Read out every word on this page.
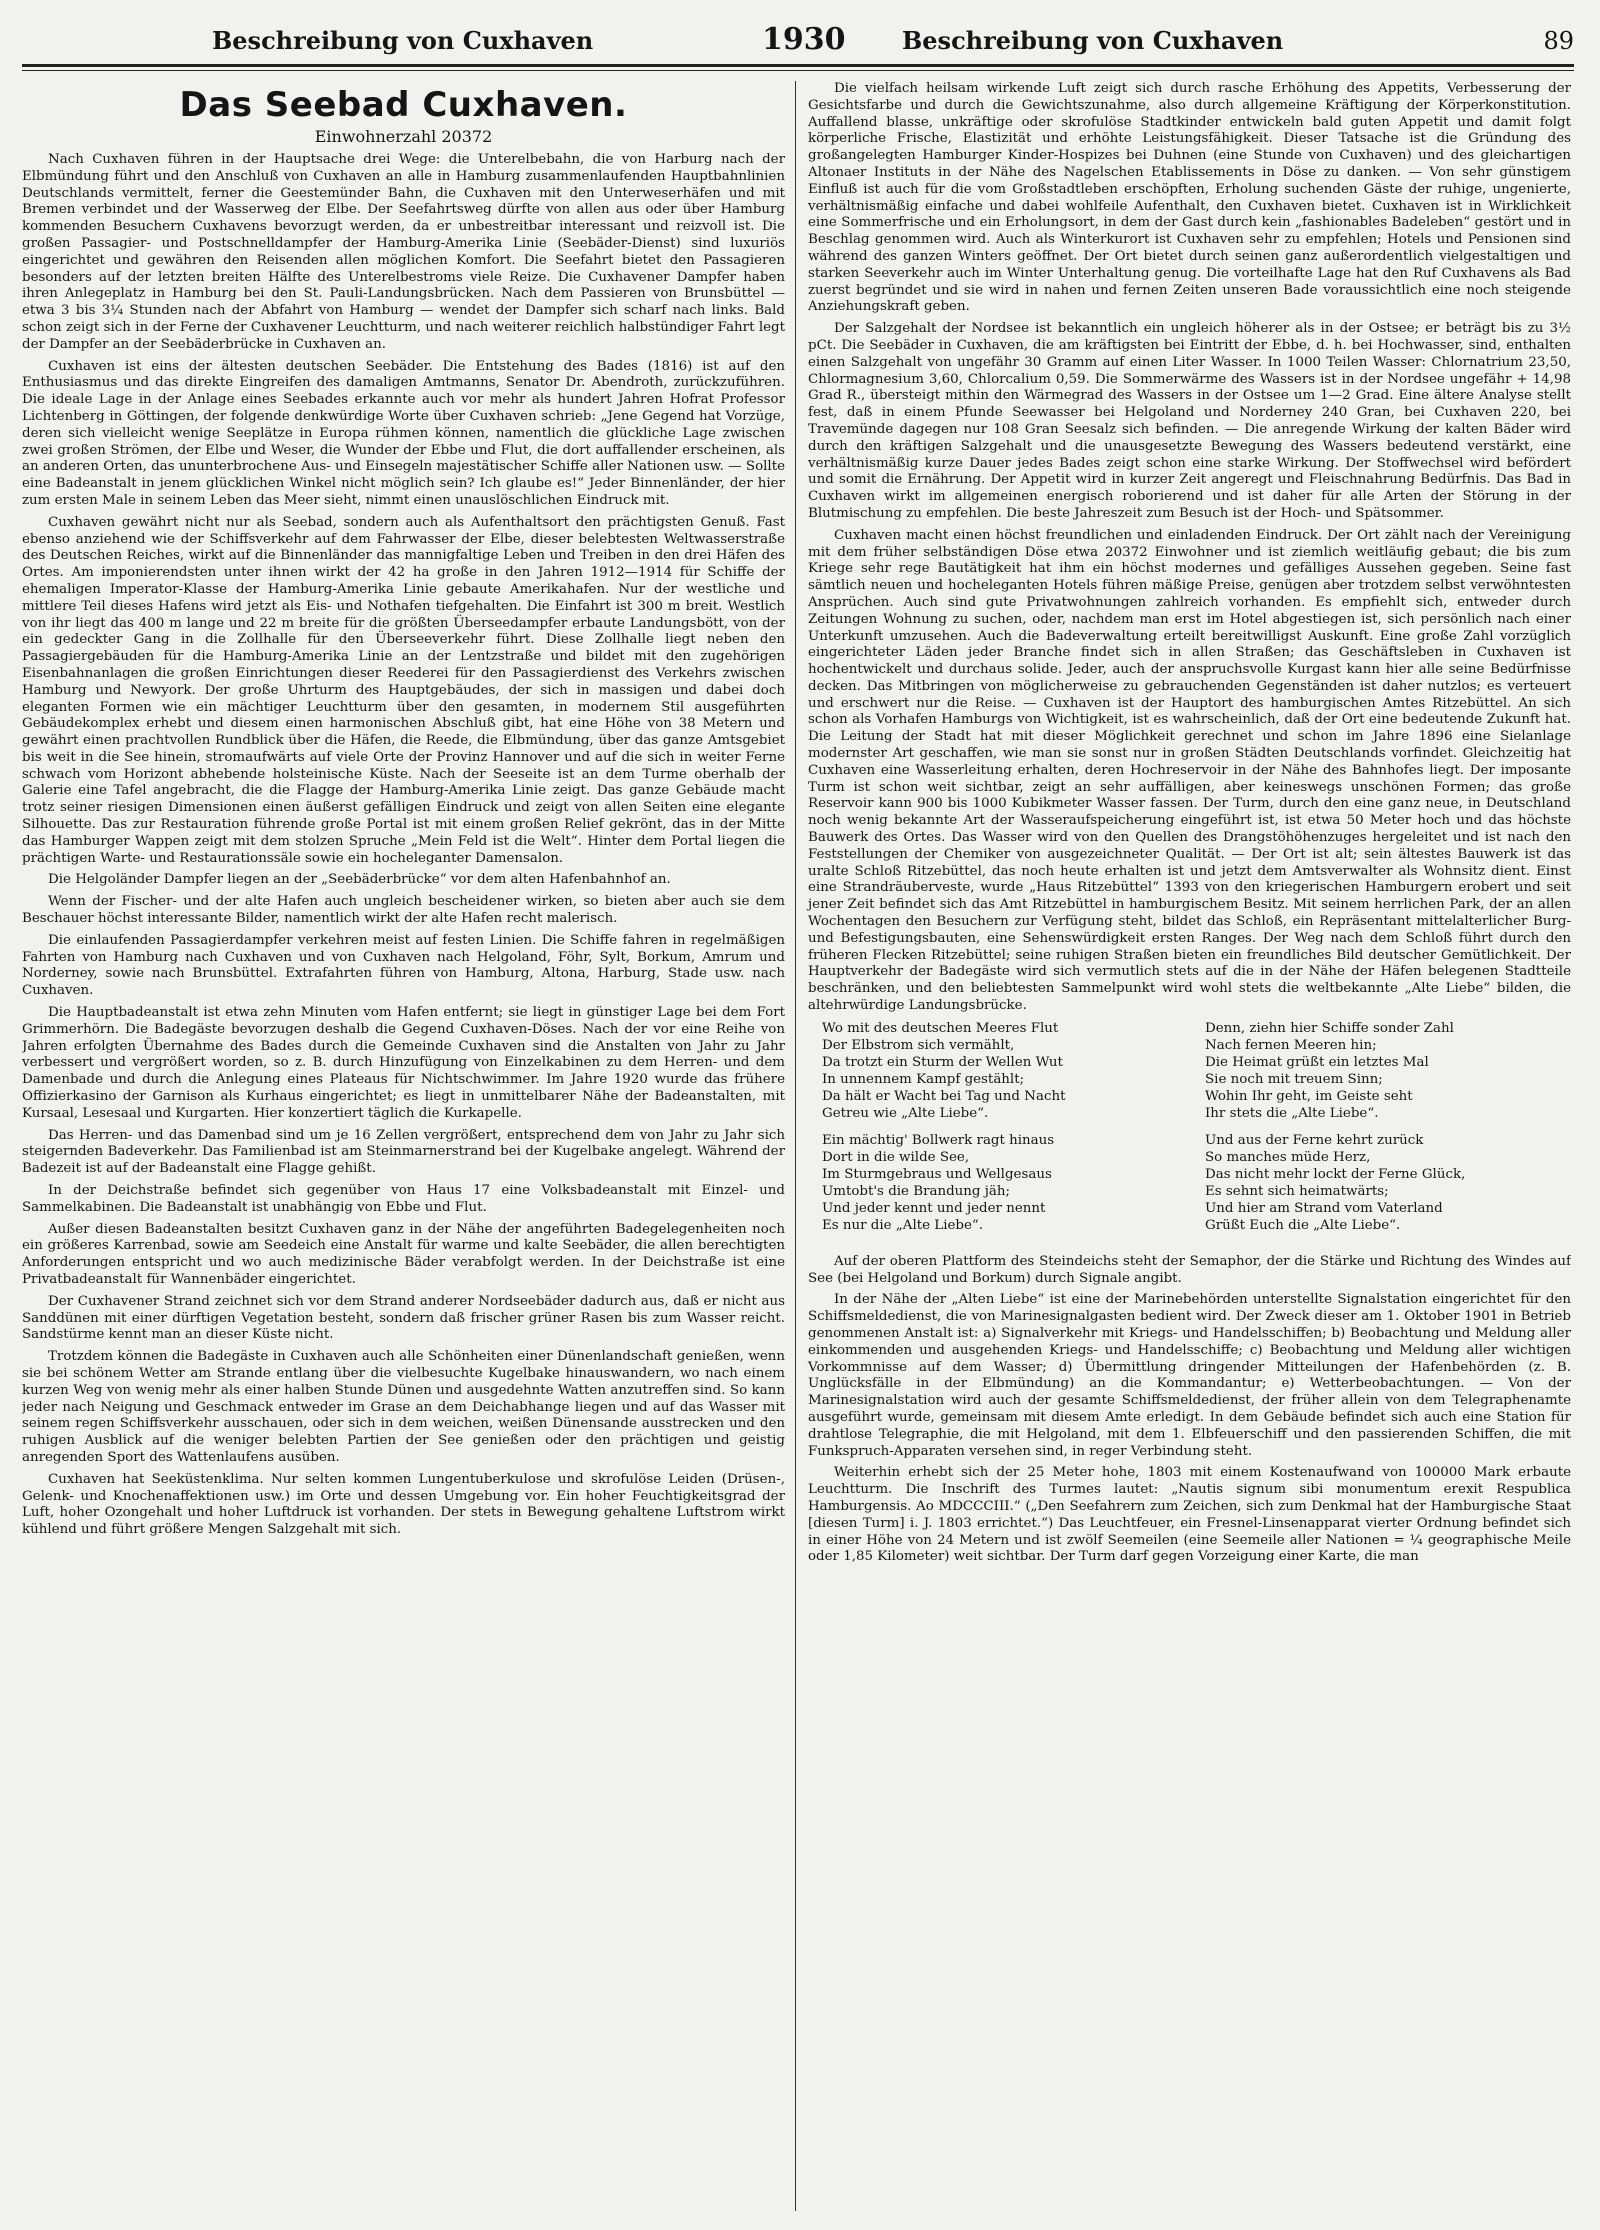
Beschreibung von Cuxhaven	1930	Beschreibung von Cuxhaven	89
Das Seebad Cuxhaven.
Einwohnerzahl 20372

Nach Cuxhaven führen in der Hauptsache drei Wege: die Unterelbebahn, die von Harburg nach der Elbmündung führt und den Anschluß von Cuxhaven an alle in Hamburg zusammenlaufenden Hauptbahnlinien Deutschlands vermittelt, ferner die Geestemünder Bahn, die Cuxhaven mit den Unterweserhäfen und mit Bremen verbindet und der Wasserweg der Elbe. Der Seefahrtsweg dürfte von allen aus oder über Hamburg kommenden Besuchern Cuxhavens bevorzugt werden, da er unbestreitbar interessant und reizvoll ist. Die großen Passagier- und Postschnelldampfer der Hamburg-Amerika Linie (Seebäder-Dienst) sind luxuriös eingerichtet und gewähren den Reisenden allen möglichen Komfort. Die Seefahrt bietet den Passagieren besonders auf der letzten breiten Hälfte des Unterelbestroms viele Reize. Die Cuxhavener Dampfer haben ihren Anlegeplatz in Hamburg bei den St. Pauli-Landungsbrücken. Nach dem Passieren von Brunsbüttel — etwa 3 bis 3¼ Stunden nach der Abfahrt von Hamburg — wendet der Dampfer sich scharf nach links. Bald schon zeigt sich in der Ferne der Cuxhavener Leuchtturm, und nach weiterer reichlich halbstündiger Fahrt legt der Dampfer an der Seebäderbrücke in Cuxhaven an.

Cuxhaven ist eins der ältesten deutschen Seebäder. Die Entstehung des Bades (1816) ist auf den Enthusiasmus und das direkte Eingreifen des damaligen Amtmanns, Senator Dr. Abendroth, zurückzuführen. Die ideale Lage in der Anlage eines Seebades erkannte auch vor mehr als hundert Jahren Hofrat Professor Lichtenberg in Göttingen, der folgende denkwürdige Worte über Cuxhaven schrieb: „Jene Gegend hat Vorzüge, deren sich vielleicht wenige Seeplätze in Europa rühmen können, namentlich die glückliche Lage zwischen zwei großen Strömen, der Elbe und Weser, die Wunder der Ebbe und Flut, die dort auffallender erscheinen, als an anderen Orten, das ununterbrochene Aus- und Einsegeln majestätischer Schiffe aller Nationen usw. — Sollte eine Badeanstalt in jenem glücklichen Winkel nicht möglich sein? Ich glaube es!“ Jeder Binnenländer, der hier zum ersten Male in seinem Leben das Meer sieht, nimmt einen unauslöschlichen Eindruck mit.

Cuxhaven gewährt nicht nur als Seebad, sondern auch als Aufenthaltsort den prächtigsten Genuß. Fast ebenso anziehend wie der Schiffsverkehr auf dem Fahrwasser der Elbe, dieser belebtesten Weltwasserstraße des Deutschen Reiches, wirkt auf die Binnenländer das mannigfaltige Leben und Treiben in den drei Häfen des Ortes. Am imponierendsten unter ihnen wirkt der 42 ha große in den Jahren 1912—1914 für Schiffe der ehemaligen Imperator-Klasse der Hamburg-Amerika Linie gebaute Amerikahafen. Nur der westliche und mittlere Teil dieses Hafens wird jetzt als Eis- und Nothafen tiefgehalten. Die Einfahrt ist 300 m breit. Westlich von ihr liegt das 400 m lange und 22 m breite für die größten Überseedampfer erbaute Landungsbött, von der ein gedeckter Gang in die Zollhalle für den Überseeverkehr führt. Diese Zollhalle liegt neben den Passagiergebäuden für die Hamburg-Amerika Linie an der Lentzstraße und bildet mit den zugehörigen Eisenbahnanlagen die großen Einrichtungen dieser Reederei für den Passagierdienst des Verkehrs zwischen Hamburg und Newyork. Der große Uhrturm des Hauptgebäudes, der sich in massigen und dabei doch eleganten Formen wie ein mächtiger Leuchtturm über den gesamten, in modernem Stil ausgeführten Gebäudekomplex erhebt und diesem einen harmonischen Abschluß gibt, hat eine Höhe von 38 Metern und gewährt einen prachtvollen Rundblick über die Häfen, die Reede, die Elbmündung, über das ganze Amtsgebiet bis weit in die See hinein, stromaufwärts auf viele Orte der Provinz Hannover und auf die sich in weiter Ferne schwach vom Horizont abhebende holsteinische Küste. Nach der Seeseite ist an dem Turme oberhalb der Galerie eine Tafel angebracht, die die Flagge der Hamburg-Amerika Linie zeigt. Das ganze Gebäude macht trotz seiner riesigen Dimensionen einen äußerst gefälligen Eindruck und zeigt von allen Seiten eine elegante Silhouette. Das zur Restauration führende große Portal ist mit einem großen Relief gekrönt, das in der Mitte das Hamburger Wappen zeigt mit dem stolzen Spruche „Mein Feld ist die Welt“. Hinter dem Portal liegen die prächtigen Warte- und Restaurationssäle sowie ein hocheleganter Damensalon.

Die Helgoländer Dampfer liegen an der „Seebäderbrücke“ vor dem alten Hafenbahnhof an.

Wenn der Fischer- und der alte Hafen auch ungleich bescheidener wirken, so bieten aber auch sie dem Beschauer höchst interessante Bilder, namentlich wirkt der alte Hafen recht malerisch.

Die einlaufenden Passagierdampfer verkehren meist auf festen Linien. Die Schiffe fahren in regelmäßigen Fahrten von Hamburg nach Cuxhaven und von Cuxhaven nach Helgoland, Föhr, Sylt, Borkum, Amrum und Norderney, sowie nach Brunsbüttel. Extrafahrten führen von Hamburg, Altona, Harburg, Stade usw. nach Cuxhaven.

Die Hauptbadeanstalt ist etwa zehn Minuten vom Hafen entfernt; sie liegt in günstiger Lage bei dem Fort Grimmerhörn. Die Badegäste bevorzugen deshalb die Gegend Cuxhaven-Döses. Nach der vor eine Reihe von Jahren erfolgten Übernahme des Bades durch die Gemeinde Cuxhaven sind die Anstalten von Jahr zu Jahr verbessert und vergrößert worden, so z. B. durch Hinzufügung von Einzelkabinen zu dem Herren- und dem Damenbade und durch die Anlegung eines Plateaus für Nichtschwimmer. Im Jahre 1920 wurde das frühere Offizierkasino der Garnison als Kurhaus eingerichtet; es liegt in unmittelbarer Nähe der Badeanstalten, mit Kursaal, Lesesaal und Kurgarten. Hier konzertiert täglich die Kurkapelle.

Das Herren- und das Damenbad sind um je 16 Zellen vergrößert, entsprechend dem von Jahr zu Jahr sich steigernden Badeverkehr. Das Familienbad ist am Steinmarnerstrand bei der Kugelbake angelegt. Während der Badezeit ist auf der Badeanstalt eine Flagge gehißt.

In der Deichstraße befindet sich gegenüber von Haus 17 eine Volksbadeanstalt mit Einzel- und Sammelkabinen. Die Badeanstalt ist unabhängig von Ebbe und Flut.

Außer diesen Badeanstalten besitzt Cuxhaven ganz in der Nähe der angeführten Badegelegenheiten noch ein größeres Karrenbad, sowie am Seedeich eine Anstalt für warme und kalte Seebäder, die allen berechtigten Anforderungen entspricht und wo auch medizinische Bäder verabfolgt werden. In der Deichstraße ist eine Privatbadeanstalt für Wannenbäder eingerichtet.

Der Cuxhavener Strand zeichnet sich vor dem Strand anderer Nordseebäder dadurch aus, daß er nicht aus Sanddünen mit einer dürftigen Vegetation besteht, sondern daß frischer grüner Rasen bis zum Wasser reicht. Sandstürme kennt man an dieser Küste nicht.

Trotzdem können die Badegäste in Cuxhaven auch alle Schönheiten einer Dünenlandschaft genießen, wenn sie bei schönem Wetter am Strande entlang über die vielbesuchte Kugelbake hinauswandern, wo nach einem kurzen Weg von wenig mehr als einer halben Stunde Dünen und ausgedehnte Watten anzutreffen sind. So kann jeder nach Neigung und Geschmack entweder im Grase an dem Deichabhange liegen und auf das Wasser mit seinem regen Schiffsverkehr ausschauen, oder sich in dem weichen, weißen Dünensande ausstrecken und den ruhigen Ausblick auf die weniger belebten Partien der See genießen oder den prächtigen und geistig anregenden Sport des Wattenlaufens ausüben.

Cuxhaven hat Seeküstenklima. Nur selten kommen Lungentuberkulose und skrofulöse Leiden (Drüsen-, Gelenk- und Knochenaffektionen usw.) im Orte und dessen Umgebung vor. Ein hoher Feuchtigkeitsgrad der Luft, hoher Ozongehalt und hoher Luftdruck ist vorhanden. Der stets in Bewegung gehaltene Luftstrom wirkt kühlend und führt größere Mengen Salzgehalt mit sich.

Die vielfach heilsam wirkende Luft zeigt sich durch rasche Erhöhung des Appetits, Verbesserung der Gesichtsfarbe und durch die Gewichtszunahme, also durch allgemeine Kräftigung der Körperkonstitution. Auffallend blasse, unkräftige oder skrofulöse Stadtkinder entwickeln bald guten Appetit und damit folgt körperliche Frische, Elastizität und erhöhte Leistungsfähigkeit. Dieser Tatsache ist die Gründung des großangelegten Hamburger Kinder-Hospizes bei Duhnen (eine Stunde von Cuxhaven) und des gleichartigen Altonaer Instituts in der Nähe des Nagelschen Etablissements in Döse zu danken. — Von sehr günstigem Einfluß ist auch für die vom Großstadtleben erschöpften, Erholung suchenden Gäste der ruhige, ungenierte, verhältnismäßig einfache und dabei wohlfeile Aufenthalt, den Cuxhaven bietet. Cuxhaven ist in Wirklichkeit eine Sommerfrische und ein Erholungsort, in dem der Gast durch kein „fashionables Badeleben“ gestört und in Beschlag genommen wird. Auch als Winterkurort ist Cuxhaven sehr zu empfehlen; Hotels und Pensionen sind während des ganzen Winters geöffnet. Der Ort bietet durch seinen ganz außerordentlich vielgestaltigen und starken Seeverkehr auch im Winter Unterhaltung genug. Die vorteilhafte Lage hat den Ruf Cuxhavens als Bad zuerst begründet und sie wird in nahen und fernen Zeiten unseren Bade voraussichtlich eine noch steigende Anziehungskraft geben.

Der Salzgehalt der Nordsee ist bekanntlich ein ungleich höherer als in der Ostsee; er beträgt bis zu 3½ pCt. Die Seebäder in Cuxhaven, die am kräftigsten bei Eintritt der Ebbe, d. h. bei Hochwasser, sind, enthalten einen Salzgehalt von ungefähr 30 Gramm auf einen Liter Wasser. In 1000 Teilen Wasser: Chlornatrium 23,50, Chlormagnesium 3,60, Chlorcalium 0,59. Die Sommerwärme des Wassers ist in der Nordsee ungefähr + 14,98 Grad R., übersteigt mithin den Wärmegrad des Wassers in der Ostsee um 1—2 Grad. Eine ältere Analyse stellt fest, daß in einem Pfunde Seewasser bei Helgoland und Norderney 240 Gran, bei Cuxhaven 220, bei Travemünde dagegen nur 108 Gran Seesalz sich befinden. — Die anregende Wirkung der kalten Bäder wird durch den kräftigen Salzgehalt und die unausgesetzte Bewegung des Wassers bedeutend verstärkt, eine verhältnismäßig kurze Dauer jedes Bades zeigt schon eine starke Wirkung. Der Stoffwechsel wird befördert und somit die Ernährung. Der Appetit wird in kurzer Zeit angeregt und Fleischnahrung Bedürfnis. Das Bad in Cuxhaven wirkt im allgemeinen energisch roborierend und ist daher für alle Arten der Störung in der Blutmischung zu empfehlen. Die beste Jahreszeit zum Besuch ist der Hoch- und Spätsommer.

Cuxhaven macht einen höchst freundlichen und einladenden Eindruck. Der Ort zählt nach der Vereinigung mit dem früher selbständigen Döse etwa 20372 Einwohner und ist ziemlich weitläufig gebaut; die bis zum Kriege sehr rege Bautätigkeit hat ihm ein höchst modernes und gefälliges Aussehen gegeben. Seine fast sämtlich neuen und hocheleganten Hotels führen mäßige Preise, genügen aber trotzdem selbst verwöhntesten Ansprüchen. Auch sind gute Privatwohnungen zahlreich vorhanden. Es empfiehlt sich, entweder durch Zeitungen Wohnung zu suchen, oder, nachdem man erst im Hotel abgestiegen ist, sich persönlich nach einer Unterkunft umzusehen. Auch die Badeverwaltung erteilt bereitwilligst Auskunft. Eine große Zahl vorzüglich eingerichteter Läden jeder Branche findet sich in allen Straßen; das Geschäftsleben in Cuxhaven ist hochentwickelt und durchaus solide. Jeder, auch der anspruchsvolle Kurgast kann hier alle seine Bedürfnisse decken. Das Mitbringen von möglicherweise zu gebrauchenden Gegenständen ist daher nutzlos; es verteuert und erschwert nur die Reise. — Cuxhaven ist der Hauptort des hamburgischen Amtes Ritzebüttel. An sich schon als Vorhafen Hamburgs von Wichtigkeit, ist es wahrscheinlich, daß der Ort eine bedeutende Zukunft hat. Die Leitung der Stadt hat mit dieser Möglichkeit gerechnet und schon im Jahre 1896 eine Sielanlage modernster Art geschaffen, wie man sie sonst nur in großen Städten Deutschlands vorfindet. Gleichzeitig hat Cuxhaven eine Wasserleitung erhalten, deren Hochreservoir in der Nähe des Bahnhofes liegt. Der imposante Turm ist schon weit sichtbar, zeigt an sehr auffälligen, aber keineswegs unschönen Formen; das große Reservoir kann 900 bis 1000 Kubikmeter Wasser fassen. Der Turm, durch den eine ganz neue, in Deutschland noch wenig bekannte Art der Wasseraufspeicherung eingeführt ist, ist etwa 50 Meter hoch und das höchste Bauwerk des Ortes. Das Wasser wird von den Quellen des Drangstöhöhenzuges hergeleitet und ist nach den Feststellungen der Chemiker von ausgezeichneter Qualität. — Der Ort ist alt; sein ältestes Bauwerk ist das uralte Schloß Ritzebüttel, das noch heute erhalten ist und jetzt dem Amtsverwalter als Wohnsitz dient. Einst eine Strandräuberveste, wurde „Haus Ritzebüttel“ 1393 von den kriegerischen Hamburgern erobert und seit jener Zeit befindet sich das Amt Ritzebüttel in hamburgischem Besitz. Mit seinem herrlichen Park, der an allen Wochentagen den Besuchern zur Verfügung steht, bildet das Schloß, ein Repräsentant mittelalterlicher Burg- und Befestigungsbauten, eine Sehenswürdigkeit ersten Ranges. Der Weg nach dem Schloß führt durch den früheren Flecken Ritzebüttel; seine ruhigen Straßen bieten ein freundliches Bild deutscher Gemütlichkeit. Der Hauptverkehr der Badegäste wird sich vermutlich stets auf die in der Nähe der Häfen belegenen Stadtteile beschränken, und den beliebtesten Sammelpunkt wird wohl stets die weltbekannte „Alte Liebe“ bilden, die altehrwürdige Landungsbrücke.

Wo mit des deutschen Meeres Flut
Der Elbstrom sich vermählt,
Da trotzt ein Sturm der Wellen Wut
In unnennem Kampf gestählt;
Da hält er Wacht bei Tag und Nacht
Getreu wie „Alte Liebe“.
Ein mächtig' Bollwerk ragt hinaus
Dort in die wilde See,
Im Sturmgebraus und Wellgesaus
Umtobt's die Brandung jäh;
Und jeder kennt und jeder nennt
Es nur die „Alte Liebe“.
Denn, ziehn hier Schiffe sonder Zahl
Nach fernen Meeren hin;
Die Heimat grüßt ein letztes Mal
Sie noch mit treuem Sinn;
Wohin Ihr geht, im Geiste seht
Ihr stets die „Alte Liebe“.
Und aus der Ferne kehrt zurück
So manches müde Herz,
Das nicht mehr lockt der Ferne Glück,
Es sehnt sich heimatwärts;
Und hier am Strand vom Vaterland
Grüßt Euch die „Alte Liebe“.

Auf der oberen Plattform des Steindeichs steht der Semaphor, der die Stärke und Richtung des Windes auf See (bei Helgoland und Borkum) durch Signale angibt.

In der Nähe der „Alten Liebe“ ist eine der Marinebehörden unterstellte Signalstation eingerichtet für den Schiffsmeldedienst, die von Marinesignalgasten bedient wird. Der Zweck dieser am 1. Oktober 1901 in Betrieb genommenen Anstalt ist: a) Signalverkehr mit Kriegs- und Handelsschiffen; b) Beobachtung und Meldung aller einkommenden und ausgehenden Kriegs- und Handelsschiffe; c) Beobachtung und Meldung aller wichtigen Vorkommnisse auf dem Wasser; d) Übermittlung dringender Mitteilungen der Hafenbehörden (z. B. Unglücksfälle in der Elbmündung) an die Kommandantur; e) Wetterbeobachtungen. — Von der Marinesignalstation wird auch der gesamte Schiffsmeldedienst, der früher allein von dem Telegraphenamte ausgeführt wurde, gemeinsam mit diesem Amte erledigt. In dem Gebäude befindet sich auch eine Station für drahtlose Telegraphie, die mit Helgoland, mit dem 1. Elbfeuerschiff und den passierenden Schiffen, die mit Funkspruch-Apparaten versehen sind, in reger Verbindung steht.

Weiterhin erhebt sich der 25 Meter hohe, 1803 mit einem Kostenaufwand von 100000 Mark erbaute Leuchtturm. Die Inschrift des Turmes lautet: „Nautis signum sibi monumentum erexit Respublica Hamburgensis. Ao MDCCCIII.“ („Den Seefahrern zum Zeichen, sich zum Denkmal hat der Hamburgische Staat [diesen Turm] i. J. 1803 errichtet.“) Das Leuchtfeuer, ein Fresnel-Linsenapparat vierter Ordnung befindet sich in einer Höhe von 24 Metern und ist zwölf Seemeilen (eine Seemeile aller Nationen = ¼ geographische Meile oder 1,85 Kilometer) weit sichtbar. Der Turm darf gegen Vorzeigung einer Karte, die man
